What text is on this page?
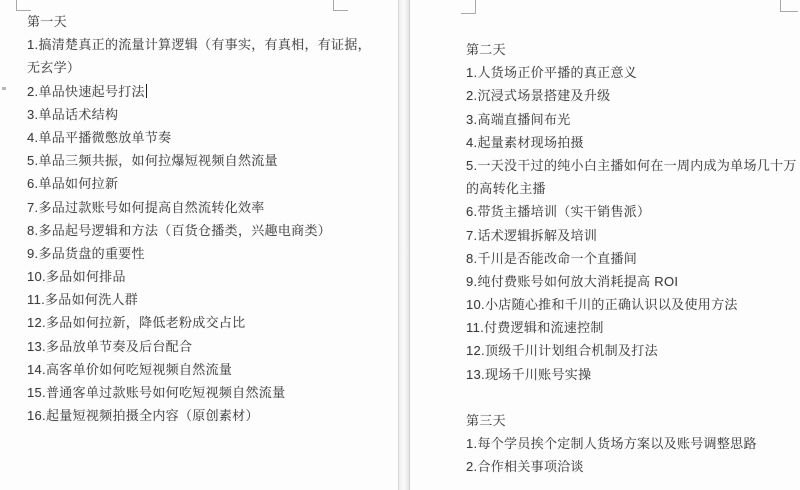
第一天
1.搞清楚真正的流量计算逻辑（有事实，有真相，有证据，
无玄学）
2.单品快速起号打法
3.单品话术结构
4.单品平播微憋放单节奏
5.单品三频共振，如何拉爆短视频自然流量
6.单品如何拉新
7.多品过款账号如何提高自然流转化效率
8.多品起号逻辑和方法（百货仓播类，兴趣电商类）
9.多品货盘的重要性
10.多品如何排品
11.多品如何洗人群
12.多品如何拉新，降低老粉成交占比
13.多品放单节奏及后台配合
14.高客单价如何吃短视频自然流量
15.普通客单过款账号如何吃短视频自然流量
16.起量短视频拍摄全内容（原创素材）
第二天
1.人货场正价平播的真正意义
2.沉浸式场景搭建及升级
3.高端直播间布光
4.起量素材现场拍摄
5.一天没干过的纯小白主播如何在一周内成为单场几十万
的高转化主播
6.带货主播培训（实干销售派）
7.话术逻辑拆解及培训
8.千川是否能改命一个直播间
9.纯付费账号如何放大消耗提高 ROI
10.小店随心推和千川的正确认识以及使用方法
11.付费逻辑和流速控制
12.顶级千川计划组合机制及打法
13.现场千川账号实操
第三天
1.每个学员挨个定制人货场方案以及账号调整思路
2.合作相关事项洽谈
